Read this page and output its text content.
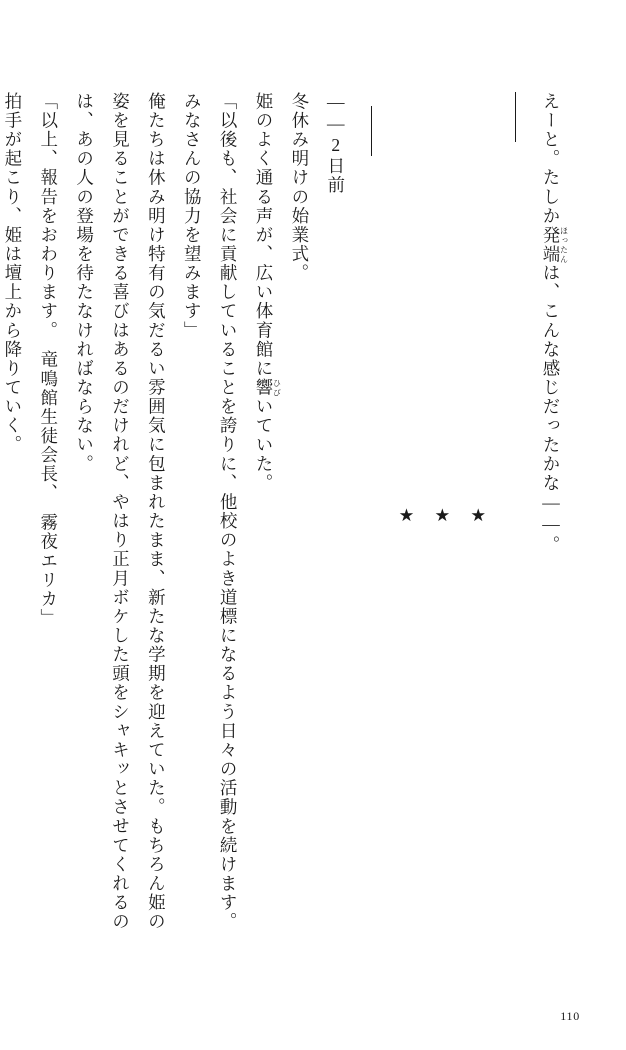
えーと。たしか発端ほったんは、こんな感じだったかな――。
★
★
★
――2日前
冬休み明けの始業式。
姫のよく通る声が、広い体育館に響ひびいていた。
「以後も、社会に貢献していることを誇りに、他校のよき道標になるよう日々の活動を続けます。みなさんの協力を望みます」
俺たちは休み明け特有の気だるい雰囲気に包まれたまま、新たな学期を迎えていた。もちろん姫の姿を見ることができる喜びはあるのだけれど、やはり正月ボケした頭をシャキッとさせてくれるのは、あの人の登場を待たなければならない。
「以上、報告をおわります。　竜鳴館生徒会長、　霧夜エリカ」
拍手が起こり、姫は壇上から降りていく。
110
